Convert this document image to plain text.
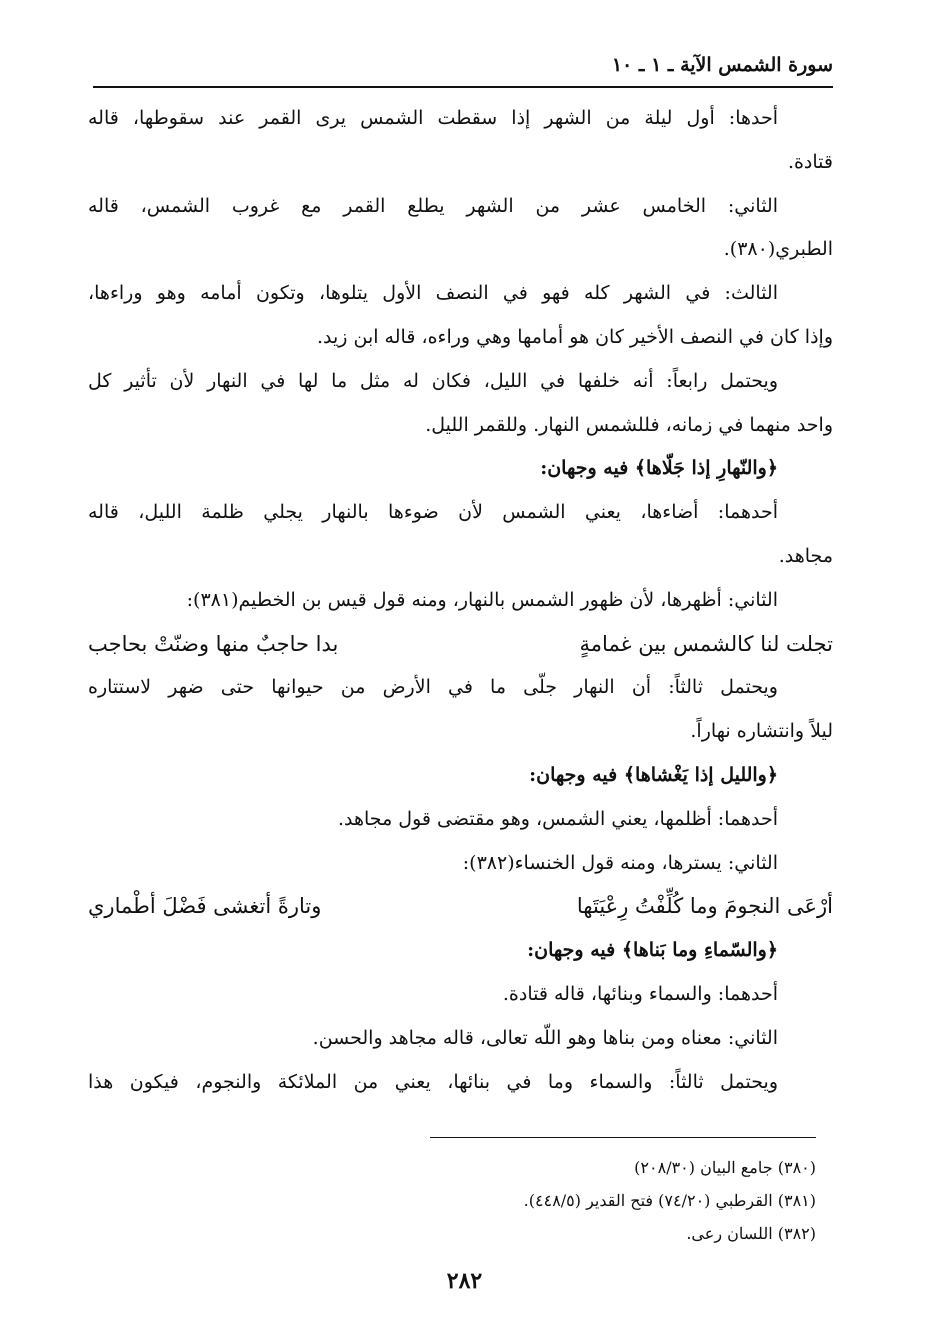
سورة الشمس الآية ـ ١ ـ ١٠
أحدها: أول ليلة من الشهر إذا سقطت الشمس يرى القمر عند سقوطها، قاله
قتادة.
الثاني: الخامس عشر من الشهر يطلع القمر مع غروب الشمس، قاله
الطبري(٣٨٠).
الثالث: في الشهر كله فهو في النصف الأول يتلوها، وتكون أمامه وهو وراءها،
وإذا كان في النصف الأخير كان هو أمامها وهي وراءه، قاله ابن زيد.
ويحتمل رابعاً: أنه خلفها في الليل، فكان له مثل ما لها في النهار لأن تأثير كل
واحد منهما في زمانه، فللشمس النهار. وللقمر الليل.
﴿والنّهارِ إذا جَلّاها﴾ فيه وجهان:
أحدهما: أضاءها، يعني الشمس لأن ضوءها بالنهار يجلي ظلمة الليل، قاله
مجاهد.
الثاني: أظهرها، لأن ظهور الشمس بالنهار، ومنه قول قيس بن الخطيم(٣٨١):
تجلت لنا كالشمس بين غمامةٍ
بدا حاجبٌ منها وضنّتْ بحاجب
ويحتمل ثالثاً: أن النهار جلّى ما في الأرض من حيوانها حتى ضهر لاستتاره
ليلاً وانتشاره نهاراً.
﴿والليل إذا يَغْشاها﴾ فيه وجهان:
أحدهما: أظلمها، يعني الشمس، وهو مقتضى قول مجاهد.
الثاني: يسترها، ومنه قول الخنساء(٣٨٢):
أرْعَى النجومَ وما كُلِّفْتُ رِعْيَتَها
وتارةً أتغشى فَضْلَ أطْماري
﴿والسّماءِ وما بَناها﴾ فيه وجهان:
أحدهما: والسماء وبنائها، قاله قتادة.
الثاني: معناه ومن بناها وهو اللّه تعالى، قاله مجاهد والحسن.
ويحتمل ثالثاً: والسماء وما في بنائها، يعني من الملائكة والنجوم، فيكون هذا
(٣٨٠) جامع البيان (٢٠٨/٣٠)
(٣٨١) القرطبي (٧٤/٢٠) فتح القدير (٤٤٨/٥).
(٣٨٢) اللسان رعى.
٢٨٢
